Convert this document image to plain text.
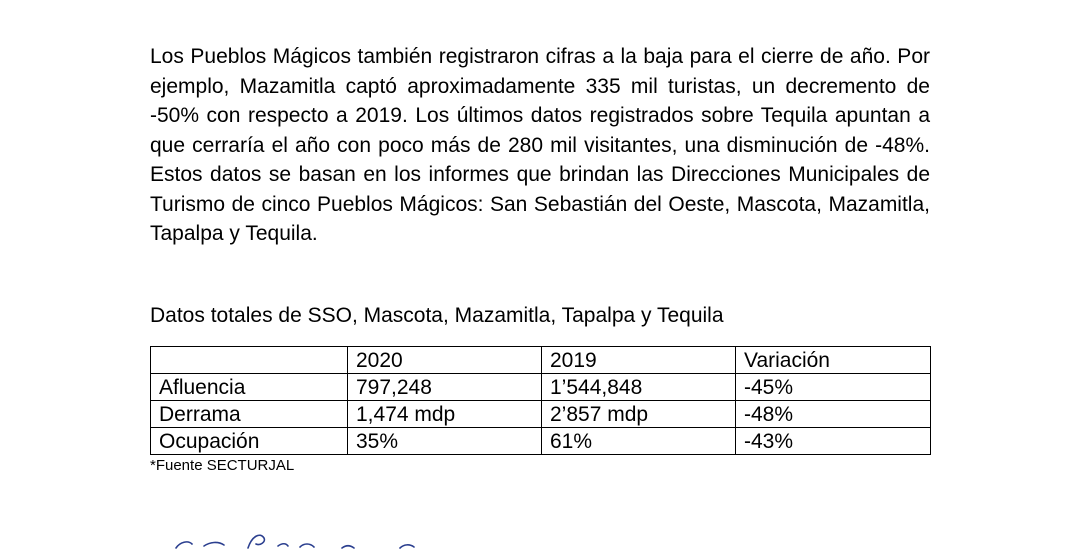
Los Pueblos Mágicos también registraron cifras a la baja para el cierre de año. Por ejemplo, Mazamitla captó aproximadamente 335 mil turistas, un decremento de -50% con respecto a 2019. Los últimos datos registrados sobre Tequila apuntan a que cerraría el año con poco más de 280 mil visitantes, una disminución de -48%. Estos datos se basan en los informes que brindan las Direcciones Municipales de Turismo de cinco Pueblos Mágicos: San Sebastián del Oeste, Mascota, Mazamitla, Tapalpa y Tequila.

Datos totales de SSO, Mascota, Mazamitla, Tapalpa y Tequila

	2020	2019	Variación
Afluencia	797,248	1’544,848	-45%
Derrama	1,474 mdp	2’857 mdp	-48%
Ocupación	35%	61%	-43%

*Fuente SECTURJAL
